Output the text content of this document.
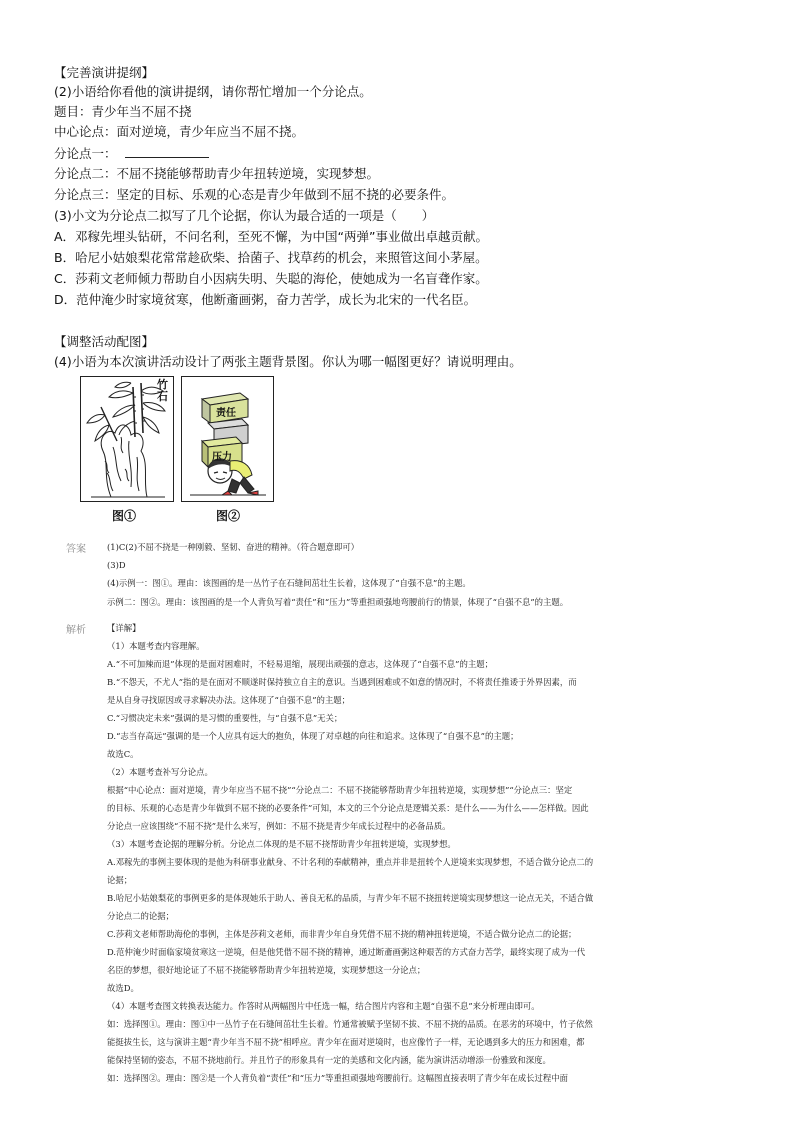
【完善演讲提纲】
(2)小语给你看他的演讲提纲，请你帮忙增加一个分论点。
题目：青少年当不屈不挠
中心论点：面对逆境，青少年应当不屈不挠。
分论点一：
分论点二：不屈不挠能够帮助青少年扭转逆境，实现梦想。
分论点三：坚定的目标、乐观的心态是青少年做到不屈不挠的必要条件。
(3)小文为分论点二拟写了几个论据，你认为最合适的一项是（　　）
A．邓稼先埋头钻研，不问名利，至死不懈，为中国“两弹”事业做出卓越贡献。
B．哈尼小姑娘梨花常常趁砍柴、拾菌子、找草药的机会，来照管这间小茅屋。
C．莎莉文老师倾力帮助自小因病失明、失聪的海伦，使她成为一名盲聋作家。
D．范仲淹少时家境贫寒，他断齑画粥，奋力苦学，成长为北宋的一代名臣。
【调整活动配图】
(4)小语为本次演讲活动设计了两张主题背景图。你认为哪一幅图更好？请说明理由。
竹石
图①
责任
压力
图②
答案	(1)C(2)不屈不挠是一种刚毅、坚韧、奋进的精神。（符合题意即可）
(3)D
(4)示例一：图①。理由：该图画的是一丛竹子在石缝间茁壮生长着，这体现了“自强不息”的主题。
示例二：图②。理由：该图画的是一个人背负写着“责任”和“压力”等重担顽强地弯腰前行的情景，体现了“自强不息”的主题。
解析	【详解】
（1）本题考查内容理解。
A.“不可加辣而退”体现的是面对困难时，不轻易退缩，展现出顽强的意志，这体现了“自强不息”的主题；
B.“不怨天，不尤人”指的是在面对不顺遂时保持独立自主的意识。当遇到困难或不如意的情况时，不将责任推诿于外界因素，而
是从自身寻找原因或寻求解决办法。这体现了“自强不息”的主题；
C.“习惯决定未来”强调的是习惯的重要性，与“自强不息”无关；
D.“志当存高远”强调的是一个人应具有远大的抱负，体现了对卓越的向往和追求。这体现了“自强不息”的主题；
故选C。
（2）本题考查补写分论点。
根据“中心论点：面对逆境，青少年应当不屈不挠”“分论点二：不屈不挠能够帮助青少年扭转逆境，实现梦想”“分论点三：坚定
的目标、乐观的心态是青少年做到不屈不挠的必要条件”可知，本文的三个分论点是逻辑关系：是什么——为什么——怎样做。因此
分论点一应该围绕“不屈不挠”是什么来写，例如：不屈不挠是青少年成长过程中的必备品质。
（3）本题考查论据的理解分析。分论点二体现的是不屈不挠帮助青少年扭转逆境，实现梦想。
A.邓稼先的事例主要体现的是他为科研事业献身、不计名利的奉献精神，重点并非是扭转个人逆境来实现梦想，不适合做分论点二的
论据；
B.哈尼小姑娘梨花的事例更多的是体现她乐于助人、善良无私的品质，与青少年不屈不挠扭转逆境实现梦想这一论点无关，不适合做
分论点二的论据；
C.莎莉文老师帮助海伦的事例，主体是莎莉文老师，而非青少年自身凭借不屈不挠的精神扭转逆境，不适合做分论点二的论据；
D.范仲淹少时面临家境贫寒这一逆境，但是他凭借不屈不挠的精神，通过断齑画粥这种艰苦的方式奋力苦学，最终实现了成为一代
名臣的梦想，很好地论证了不屈不挠能够帮助青少年扭转逆境，实现梦想这一分论点；
故选D。
（4）本题考查图文转换表达能力。作答时从两幅图片中任选一幅，结合图片内容和主题“自强不息”来分析理由即可。
如：选择图①。理由：图①中一丛竹子在石缝间茁壮生长着。竹通常被赋予坚韧不拔、不屈不挠的品质。在恶劣的环境中，竹子依然
能挺拔生长，这与演讲主题“青少年当不屈不挠”相呼应。青少年在面对逆境时，也应像竹子一样，无论遇到多大的压力和困难，都
能保持坚韧的姿态，不屈不挠地前行。并且竹子的形象具有一定的美感和文化内涵，能为演讲活动增添一份雅致和深度。
如：选择图②。理由：图②是一个人背负着“责任”和“压力”等重担顽强地弯腰前行。这幅图直接表明了青少年在成长过程中面
